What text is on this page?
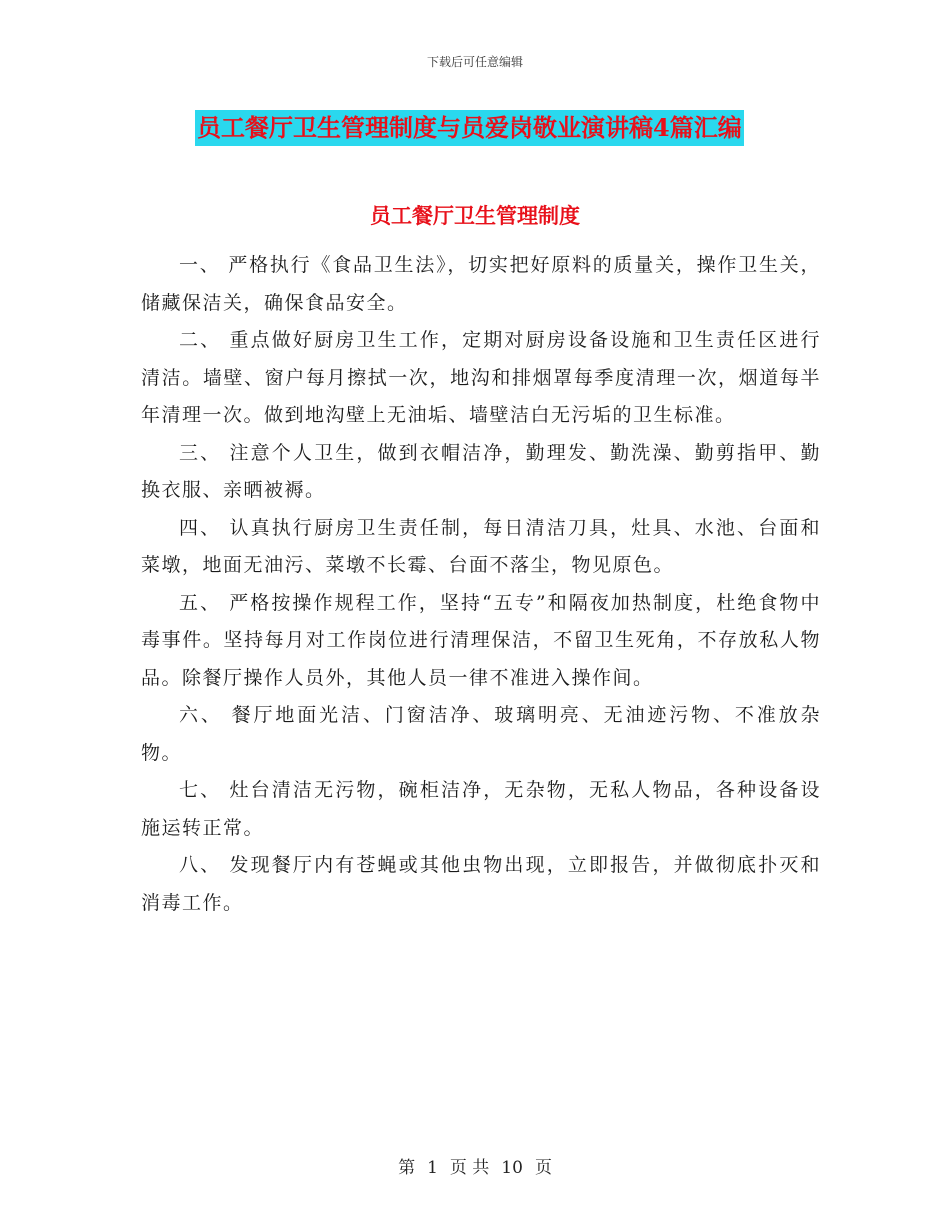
下载后可任意编辑
员工餐厅卫生管理制度与员爱岗敬业演讲稿4篇汇编
员工餐厅卫生管理制度

一、 严格执行《食品卫生法》，切实把好原料的质量关，操作卫生关，储藏保洁关，确保食品安全。

二、 重点做好厨房卫生工作，定期对厨房设备设施和卫生责任区进行清洁。墙壁、窗户每月擦拭一次，地沟和排烟罩每季度清理一次，烟道每半年清理一次。做到地沟壁上无油垢、墙壁洁白无污垢的卫生标准。

三、 注意个人卫生，做到衣帽洁净，勤理发、勤洗澡、勤剪指甲、勤换衣服、亲晒被褥。

四、 认真执行厨房卫生责任制，每日清洁刀具，灶具、水池、台面和菜墩，地面无油污、菜墩不长霉、台面不落尘，物见原色。

五、 严格按操作规程工作，坚持“五专”和隔夜加热制度，杜绝食物中毒事件。坚持每月对工作岗位进行清理保洁，不留卫生死角，不存放私人物品。除餐厅操作人员外，其他人员一律不准进入操作间。

六、 餐厅地面光洁、门窗洁净、玻璃明亮、无油迹污物、不准放杂物。

七、 灶台清洁无污物，碗柜洁净，无杂物，无私人物品，各种设备设施运转正常。

八、 发现餐厅内有苍蝇或其他虫物出现，立即报告，并做彻底扑灭和消毒工作。

第 1 页 共 10 页
